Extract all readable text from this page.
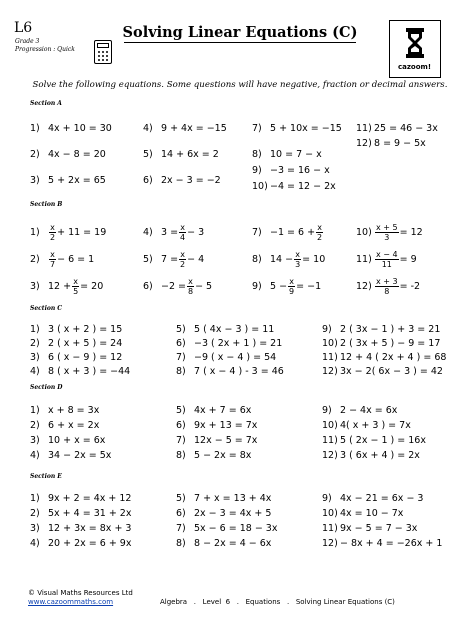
L6
Grade 3
Progression : Quick
Solving Linear Equations (C)
cazoom!
Solve the following equations. Some questions will have negative, fraction or decimal answers.
Section A
1) 4x + 10 = 30
2) 4x − 8 = 20
3) 5 + 2x = 65
4) 9 + 4x = −15
5) 14 + 6x = 2
6) 2x − 3 = −2
7) 5 + 10x = −15
8) 10 = 7 − x
9) −3 = 16 − x
10) −4 = 12 − 2x
11) 25 = 46 − 3x
12) 8 = 9 − 5x
Section B
$1) \frac{x}{2} + 11 = 19$
$2) \frac{x}{7} - 6 = 1$
3) $12 + \frac{x}{5} = 20$
4) $3 = \frac{x}{4} - 3$
5) $7 = \frac{x}{2} - 4$
$6) -2 = \frac{x}{8} - 5$
$7) -1 = 6 + \frac{x}{2}$
8) $14 - \frac{x}{3} = 10$
9) $5 - \frac{x}{9} = -1$
$10) \frac{x + 5}{3} = 12$
$11) \frac{x - 4}{11} = 9$
$12) \frac{x + 3}{8} = -2$
Section C
1) 3 ( x + 2 ) = 15
2) 2 ( x + 5 ) = 24
3) 6 ( x − 9 ) = 12
4) 8 ( x + 3 ) = −44
5) 5 ( 4x − 3 ) = 11
6) −3 ( 2x + 1 ) = 21
7) −9 ( x − 4 ) = 54
8) 7 ( x − 4 ) - 3 = 46
9) 2 ( 3x − 1 ) + 3 = 21
10) 2 ( 3x + 5 ) − 9 = 17
11) 12 + 4 ( 2x + 4 ) = 68
12) 3x − 2( 6x − 3 ) = 42
Section D
1) x + 8 = 3x
2) 6 + x = 2x
3) 10 + x = 6x
4) 34 − 2x = 5x
5) 4x + 7 = 6x
6) 9x + 13 = 7x
7) 12x − 5 = 7x
8) 5 − 2x = 8x
9) 2 − 4x = 6x
10) 4( x + 3 ) = 7x
11) 5 ( 2x − 1 ) = 16x
12) 3 ( 6x + 4 ) = 2x
Section E
1) 9x + 2 = 4x + 12
2) 5x + 4 = 31 + 2x
3) 12 + 3x = 8x + 3
4) 20 + 2x = 6 + 9x
5) 7 + x = 13 + 4x
6) 2x − 3 = 4x + 5
7) 5x − 6 = 18 − 3x
8) 8 − 2x = 4 − 6x
9) 4x − 21 = 6x − 3
10) 4x = 10 − 7x
11) 9x − 5 = 7 − 3x
12) − 8x + 4 = −26x + 1
© Visual Maths Resources Ltd
www.cazoommaths.com	Algebra   .   Level  6   .   Equations   .   Solving Linear Equations (C)
